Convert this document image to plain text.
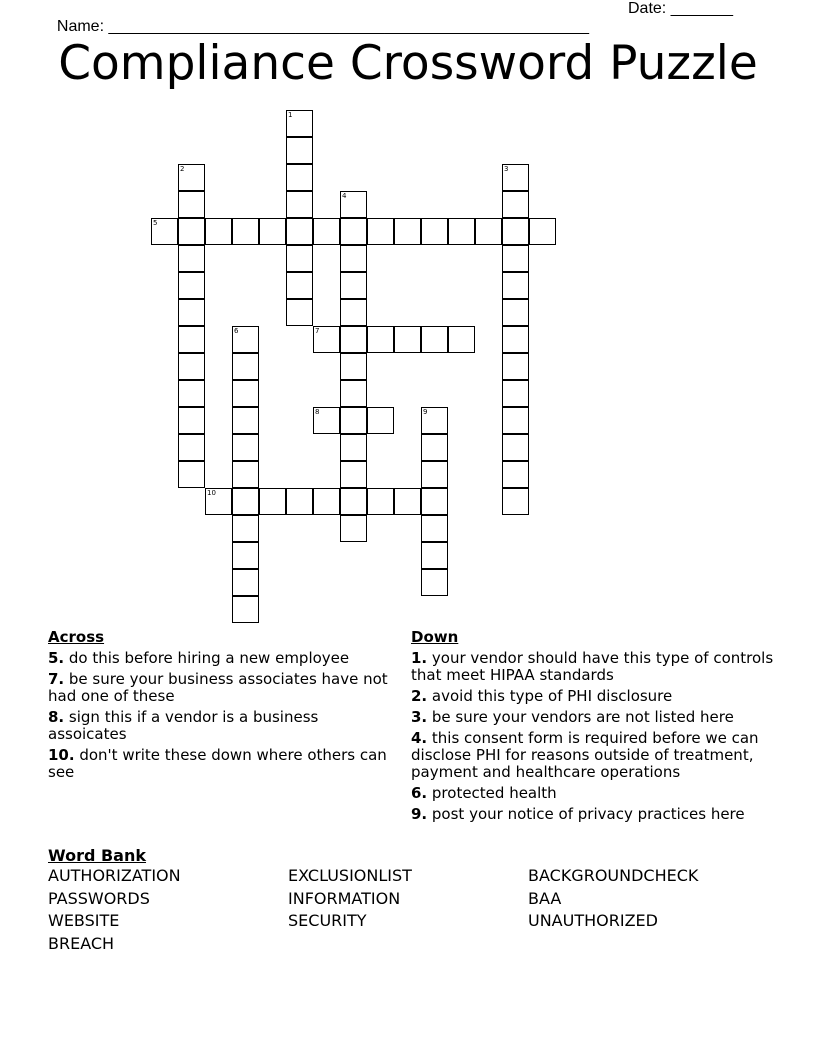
Name: ______________________________________________________

Date: _______

Compliance Crossword Puzzle
1
2	3
4
5
6	7
8	9
10
Across
5. do this before hiring a new employee
7. be sure your business associates have not had one of these
8. sign this if a vendor is a business assoicates
10. don't write these down where others can see
Down
1. your vendor should have this type of controls that meet HIPAA standards
2. avoid this type of PHI disclosure
3. be sure your vendors are not listed here
4. this consent form is required before we can disclose PHI for reasons outside of treatment, payment and healthcare operations
6. protected health
9. post your notice of privacy practices here
Word Bank
AUTHORIZATION	EXCLUSIONLIST	BACKGROUNDCHECK
PASSWORDS	INFORMATION	BAA
WEBSITE	SECURITY	UNAUTHORIZED
BREACH
